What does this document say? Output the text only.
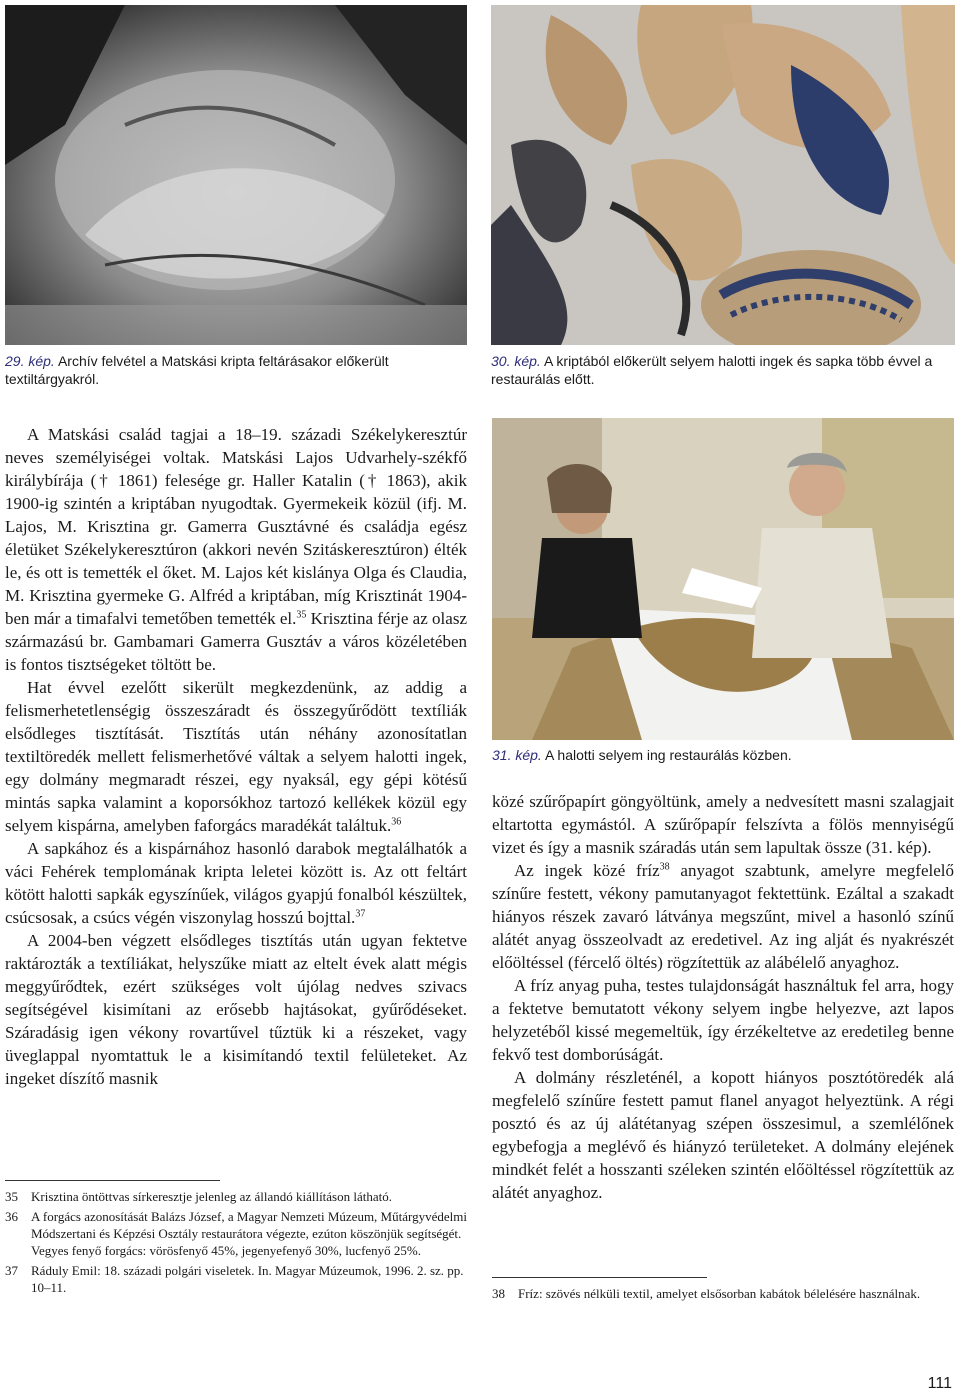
29. kép. Archív felvétel a Matskási kripta feltárásakor előkerült textiltárgyakról.
30. kép. A kriptából előkerült selyem halotti ingek és sapka több évvel a restaurálás előtt.
31. kép. A halotti selyem ing restaurálás közben.

A Matskási család tagjai a 18–19. századi Székelykeresztúr neves személyiségei voltak. Matskási Lajos Udvarhely-székfő királybírája († 1861) felesége gr. Haller Katalin († 1863), akik 1900-ig szintén a kriptában nyugodtak. Gyermekeik közül (ifj. M. Lajos, M. Krisztina gr. Gamerra Gusztávné és családja egész életüket Székelykeresztúron (akkori nevén Szitáskeresztúron) élték le, és ott is temették el őket. M. Lajos két kislánya Olga és Claudia, M. Krisztina gyermeke G. Alfréd a kriptában, míg Krisztinát 1904-ben már a timafalvi temetőben temették el.$^{35}$ Krisztina férje az olasz származású br. Gambamari Gamerra Gusztáv a város közéletében is fontos tisztségeket töltött be.

Hat évvel ezelőtt sikerült megkezdenünk, az addig a felismerhetetlenségig összeszáradt és összegyűrődött textíliák elsődleges tisztítását. Tisztítás után néhány azonosítatlan textiltöredék mellett felismerhetővé váltak a selyem halotti ingek, egy dolmány megmaradt részei, egy nyaksál, egy gépi kötésű mintás sapka valamint a koporsókhoz tartozó kellékek közül egy selyem kispárna, amelyben faforgács maradékát találtuk.$^{36}$

A sapkához és a kispárnához hasonló darabok megtalálhatók a váci Fehérek templomának kripta leletei között is. Az ott feltárt kötött halotti sapkák egyszínűek, világos gyapjú fonalból készültek, csúcsosak, a csúcs végén viszonylag hosszú bojttal.$^{37}$

A 2004-ben végzett elsődleges tisztítás után ugyan fektetve raktározták a textíliákat, helyszűke miatt az eltelt évek alatt mégis meggyűrődtek, ezért szükséges volt újólag nedves szivacs segítségével kisimítani az erősebb hajtásokat, gyűrődéseket. Száradásig igen vékony rovartűvel tűztük ki a részeket, vagy üveglappal nyomtattuk le a kisimítandó textil felületeket. Az ingeket díszítő masnik

35	Krisztina öntöttvas sírkeresztje jelenleg az állandó kiállításon látható.
36	A forgács azonosítását Balázs József, a Magyar Nemzeti Múzeum, Műtárgyvédelmi Módszertani és Képzési Osztály restaurátora végezte, ezúton köszönjük segítségét. Vegyes fenyő forgács: vörösfenyő 45%, jegenyefenyő 30%, lucfenyő 25%.
37	Ráduly Emil: 18. századi polgári viseletek. In. Magyar Múzeumok, 1996. 2. sz. pp. 10–11.

közé szűrőpapírt göngyöltünk, amely a nedvesített masni szalagjait eltartotta egymástól. A szűrőpapír felszívta a fölös mennyiségű vizet és így a masnik száradás után sem lapultak össze (31. kép).

Az ingek közé fríz$^{38}$ anyagot szabtunk, amelyre megfelelő színűre festett, vékony pamutanyagot fektettünk. Ezáltal a szakadt hiányos részek zavaró látványa megszűnt, mivel a hasonló színű alátét anyag összeolvadt az eredetivel. Az ing alját és nyakrészét előöltéssel (fércelő öltés) rögzítettük az alábélelő anyaghoz.

A fríz anyag puha, testes tulajdonságát használtuk fel arra, hogy a fektetve bemutatott vékony selyem ingbe helyezve, azt lapos helyzetéből kissé megemeltük, így érzékeltetve az eredetileg benne fekvő test domborúságát.

A dolmány részleténél, a kopott hiányos posztótöredék alá megfelelő színűre festett pamut flanel anyagot helyeztünk. A régi posztó és az új alátétanyag szépen összesimul, a szemlélőnek egybefogja a meglévő és hiányzó területeket. A dolmány elejének mindkét felét a hosszanti széleken szintén előöltéssel rögzítettük az alátét anyaghoz.

38	Fríz: szövés nélküli textil, amelyet elsősorban kabátok bélelésére használnak.
111
